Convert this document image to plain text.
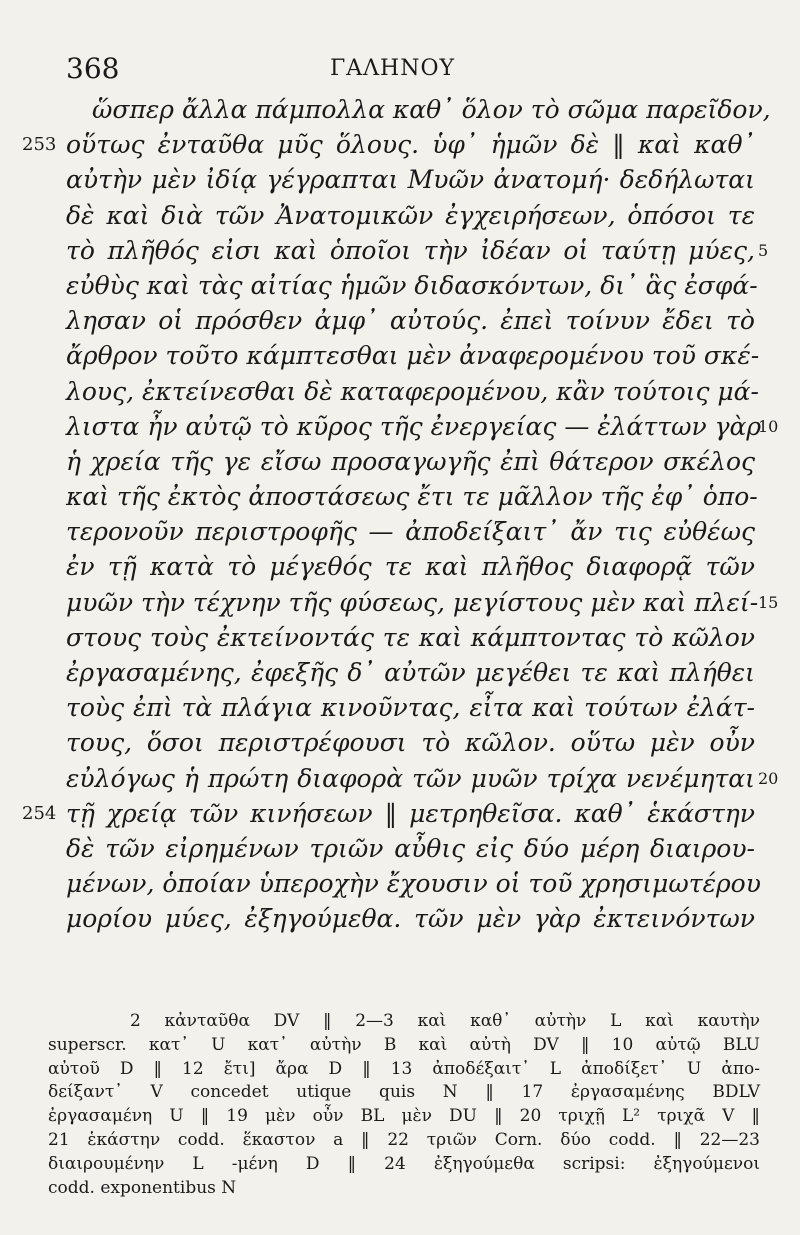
368	ΓΑΛΗΝΟΥ
ὥσπερ ἄλλα πάμπολλα καθ᾽ ὅλον τὸ σῶμα παρεῖδον,
253 οὕτως ἐνταῦθα μῦς ὅλους. ὑφ᾽ ἡμῶν δὲ ‖ καὶ καθ᾽
αὐτὴν μὲν ἰδίᾳ γέγραπται Μυῶν ἀνατομή· δεδήλωται
δὲ καὶ διὰ τῶν Ἀνατομικῶν ἐγχειρήσεων, ὁπόσοι τε
τὸ πλῆθός εἰσι καὶ ὁποῖοι τὴν ἰδέαν οἱ ταύτῃ μύες, 5
εὐθὺς καὶ τὰς αἰτίας ἡμῶν διδασκόντων, δι᾽ ἃς ἐσφά-
λησαν οἱ πρόσθεν ἀμφ᾽ αὐτούς. ἐπεὶ τοίνυν ἔδει τὸ
ἄρθρον τοῦτο κάμπτεσθαι μὲν ἀναφερομένου τοῦ σκέ-
λους, ἐκτείνεσθαι δὲ καταφερομένου, κἂν τούτοις μά-
λιστα ἦν αὐτῷ τὸ κῦρος τῆς ἐνεργείας — ἐλάττων γὰρ
10
ἡ χρεία τῆς γε εἴσω προσαγωγῆς ἐπὶ θάτερον σκέλος
καὶ τῆς ἐκτὸς ἀποστάσεως ἔτι τε μᾶλλον τῆς ἐφ᾽ ὁπο-
τερονοῦν περιστροφῆς — ἀποδείξαιτ᾽ ἄν τις εὐθέως
ἐν τῇ κατὰ τὸ μέγεθός τε καὶ πλῆθος διαφορᾷ τῶν
μυῶν τὴν τέχνην τῆς φύσεως, μεγίστους μὲν καὶ πλεί- 15
στους τοὺς ἐκτείνοντάς τε καὶ κάμπτοντας τὸ κῶλον
ἐργασαμένης, ἐφεξῆς δ᾽ αὐτῶν μεγέθει τε καὶ πλήθει
τοὺς ἐπὶ τὰ πλάγια κινοῦντας, εἶτα καὶ τούτων ἐλάτ-
τους, ὅσοι περιστρέφουσι τὸ κῶλον. οὕτω μὲν οὖν
εὐλόγως ἡ πρώτη διαφορὰ τῶν μυῶν τρίχα νενέμηται 20
254 τῇ χρείᾳ τῶν κινήσεων ‖ μετρηθεῖσα. καθ᾽ ἑκάστην
δὲ τῶν εἰρημένων τριῶν αὖθις εἰς δύο μέρη διαιρου-
μένων, ὁποίαν ὑπεροχὴν ἔχουσιν οἱ τοῦ χρησιμωτέρου
μορίου μύες, ἐξηγούμεθα. τῶν μὲν γὰρ ἐκτεινόντων
2 κἀνταῦθα DV ‖ 2—3 καὶ καθ᾽ αὐτὴν L καὶ καυτὴν
superscr. κατ᾽ U κατ᾽ αὐτὴν B καὶ αὐτὴ DV ‖ 10 αὐτῷ BLU
αὐτοῦ D ‖ 12 ἔτι] ἄρα D ‖ 13 ἀποδέξαιτ᾽ L ἀποδίξετ᾽ U ἀπο-
δείξαντ᾽ V concedet utique quis N ‖ 17 ἐργασαμένης BDLV
ἐργασαμένη U ‖ 19 μὲν οὖν BL μὲν DU ‖ 20 τριχῇ L² τριχᾶ V ‖
21 ἑκάστην codd. ἕκαστον a ‖ 22 τριῶν Corn. δύο codd. ‖ 22—23
διαιρουμένην L -μένη D ‖ 24 ἐξηγούμεθα scripsi: ἐξηγούμενοι
codd. exponentibus N
